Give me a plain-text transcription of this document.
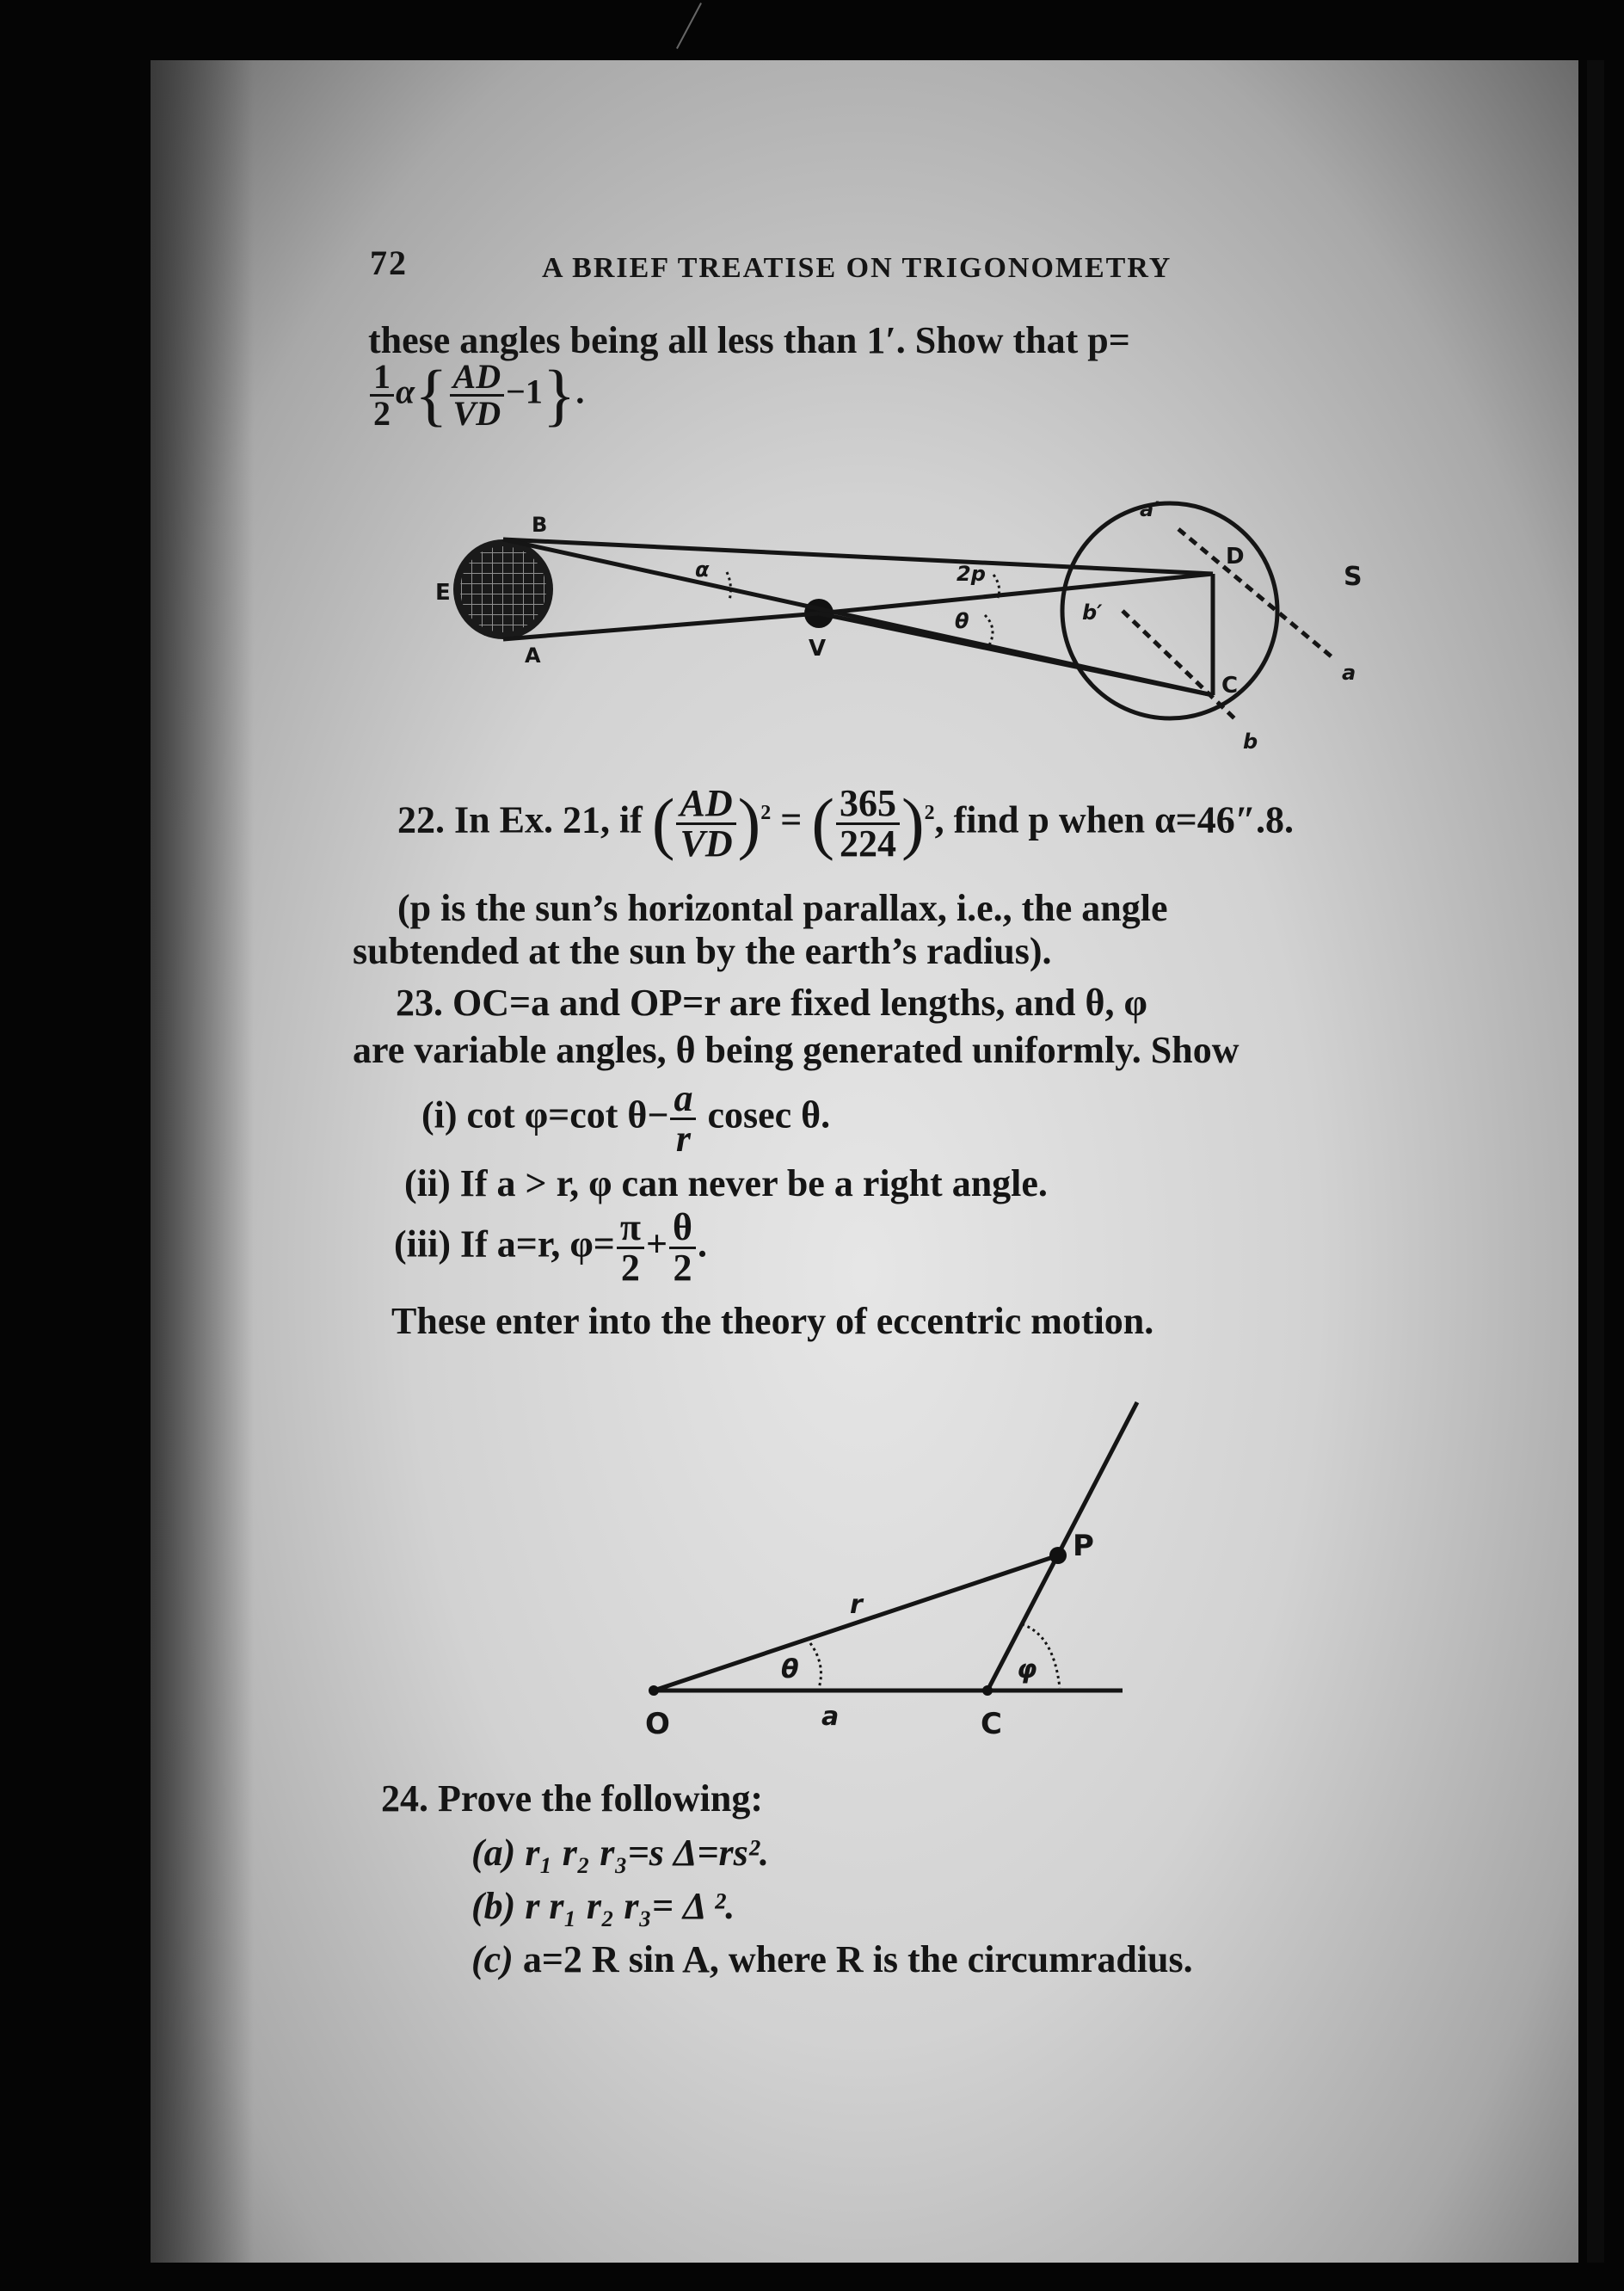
72	A BRIEF TREATISE ON TRIGONOMETRY
these angles being all less than 1′. Show that p=
$\frac{1}{2} \alpha\{ \frac{AD}{VD} -1\}$.
B
E
A	V
α	2p
θ	b′
a′
D
C
S
a
b
22. In Ex. 21, if ( $\frac{AD}{VD} )^2$ = ( $\frac{365}{224} )^2$, find p when α=46″.8.
(p is the sun’s horizontal parallax, i.e., the angle
subtended at the sun by the earth’s radius).
23. OC=a and OP=r are fixed lengths, and θ, φ
are variable angles, θ being generated uniformly. Show
(i) cot φ=cot $\theta- \frac{a}{r}$ cosec θ.
(ii) If a > r, φ can never be a right angle.
(iii) If a=r, $\varphi= \frac{\pi}{2} + \frac{\theta}{2}$ .
These enter into the theory of eccentric motion.
O	C
P
r
a
θ	φ
24. Prove the following:
(a) r₁ r₂ r₃=s Δ=rs².
(b) r r₁ r₂ r₃= Δ ².
(c) a=2 R sin A, where R is the circumradius.
